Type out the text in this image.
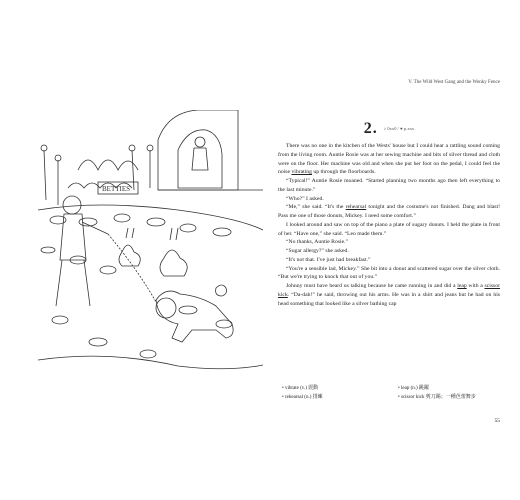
BETTIES
V. The Wild West Gang and the Wonky Fence
2. ♪ 0xx0 / ● p.xxx

There was no one in the kitchen of the Wests' house but I could hear a rattling sound coming from the living room. Auntie Rosie was at her sewing machine and bits of silver thread and cloth were on the floor. Her machine was old and when she put her foot on the pedal, I could feel the noise vibrating up through the floorboards.

“Typical!” Auntie Rosie moaned. “Started planning two months ago then left everything to the last minute.”

“Who?” I asked.

“Me,” she said. “It's the rehearsal tonight and the costume's not finished. Dang and blast! Pass me one of those donuts, Mickey. I need some comfort.”

I looked around and saw on top of the piano a plate of sugary donuts. I held the plate in front of her. “Have one,” she said. “Leo made them.”

“No thanks, Auntie Rosie.”

“Sugar allergy?” she asked.

“It's not that. I've just had breakfast.”

“You're a sensible lad, Mickey.” She bit into a donut and scattered sugar over the silver cloth. “But we're trying to knock that out of you.”

Johnny must have heard us talking because he came running in and did a leap with a scissor kick. “Da-dah!” he said, throwing out his arms. He was in a shirt and jeans but he had on his head something that looked like a silver bathing cap

• vibrate (v.) 震動	• leap (n.) 跳躍
• rehearsal (n.) 排練	• scissor kick 剪刀踢；一種芭蕾舞步
55
